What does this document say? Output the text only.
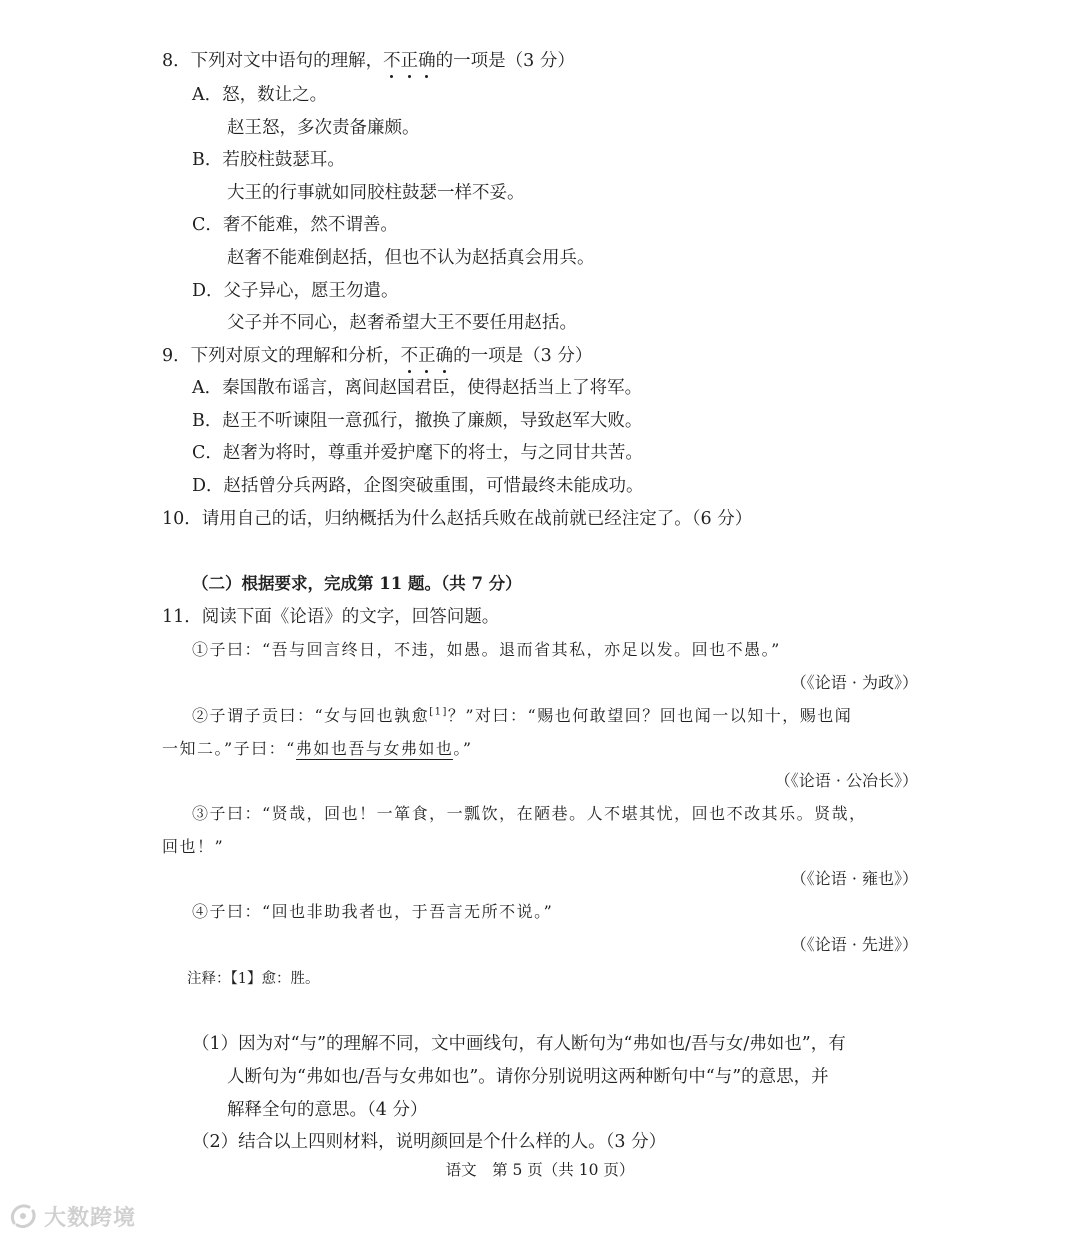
8．下列对文中语句的理解，不正确的一项是（3 分）
A．怒，数让之。
赵王怒，多次责备廉颇。
B．若胶柱鼓瑟耳。
大王的行事就如同胶柱鼓瑟一样不妥。
C．奢不能难，然不谓善。
赵奢不能难倒赵括，但也不认为赵括真会用兵。
D．父子异心，愿王勿遣。
父子并不同心，赵奢希望大王不要任用赵括。
9．下列对原文的理解和分析，不正确的一项是（3 分）
A．秦国散布谣言，离间赵国君臣，使得赵括当上了将军。
B．赵王不听谏阻一意孤行，撤换了廉颇，导致赵军大败。
C．赵奢为将时，尊重并爱护麾下的将士，与之同甘共苦。
D．赵括曾分兵两路，企图突破重围，可惜最终未能成功。
10．请用自己的话，归纳概括为什么赵括兵败在战前就已经注定了。（6 分）
（二）根据要求，完成第 11 题。（共 7 分）
11．阅读下面《论语》的文字，回答问题。
①子曰：“吾与回言终日，不违，如愚。退而省其私，亦足以发。回也不愚。”
（《论语 · 为政》）
②子谓子贡曰：“女与回也孰愈[1]？”对曰：“赐也何敢望回？回也闻一以知十，赐也闻
一知二。”子曰：“弗如也吾与女弗如也。”
（《论语 · 公冶长》）
③子曰：“贤哉，回也！一箪食，一瓢饮，在陋巷。人不堪其忧，回也不改其乐。贤哉，
回也！”
（《论语 · 雍也》）
④子曰：“回也非助我者也，于吾言无所不说。”
（《论语 · 先进》）
注释：【1】愈：胜。
（1）因为对“与”的理解不同，文中画线句，有人断句为“弗如也/吾与女/弗如也”，有
人断句为“弗如也/吾与女弗如也”。请你分别说明这两种断句中“与”的意思，并
解释全句的意思。（4 分）
（2）结合以上四则材料，说明颜回是个什么样的人。（3 分）
语文　第 5 页（共 10 页）
大数跨境
